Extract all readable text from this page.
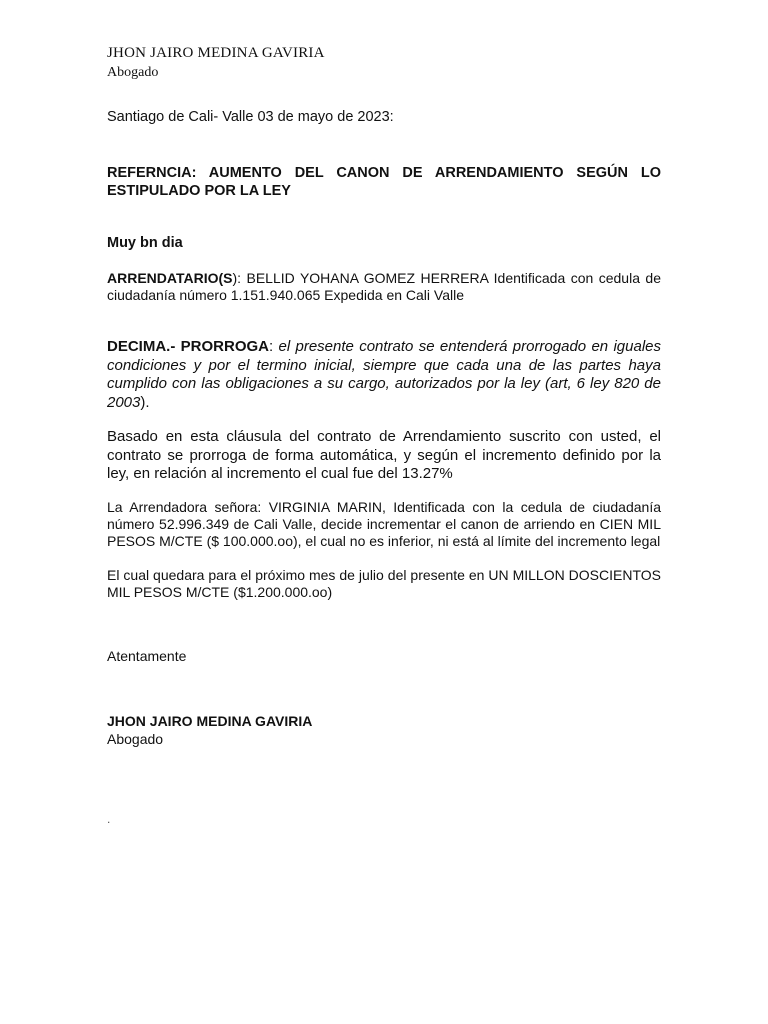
JHON JAIRO MEDINA GAVIRIA
Abogado
Santiago de Cali- Valle 03 de mayo de 2023:
REFERNCIA: AUMENTO DEL CANON DE ARRENDAMIENTO SEGÚN LO ESTIPULADO POR LA LEY
Muy bn dia
ARRENDATARIO(S): BELLID YOHANA GOMEZ HERRERA Identificada con cedula de ciudadanía número 1.151.940.065 Expedida en Cali Valle
DECIMA.- PRORROGA: el presente contrato se entenderá prorrogado en iguales condiciones y por el termino inicial, siempre que cada una de las partes haya cumplido con las obligaciones a su cargo, autorizados por la ley (art, 6 ley 820 de 2003).
Basado en esta cláusula del contrato de Arrendamiento suscrito con usted, el contrato se prorroga de forma automática, y según el incremento definido por la ley, en relación al incremento el cual fue del 13.27%
La Arrendadora señora: VIRGINIA MARIN, Identificada con la cedula de ciudadanía número 52.996.349 de Cali Valle, decide incrementar el canon de arriendo en CIEN MIL PESOS M/CTE ($ 100.000.oo), el cual no es inferior, ni está al límite del incremento legal
El cual quedara para el próximo mes de julio del presente en UN MILLON DOSCIENTOS MIL PESOS M/CTE ($1.200.000.oo)
Atentamente
JHON JAIRO MEDINA GAVIRIA
Abogado
.
